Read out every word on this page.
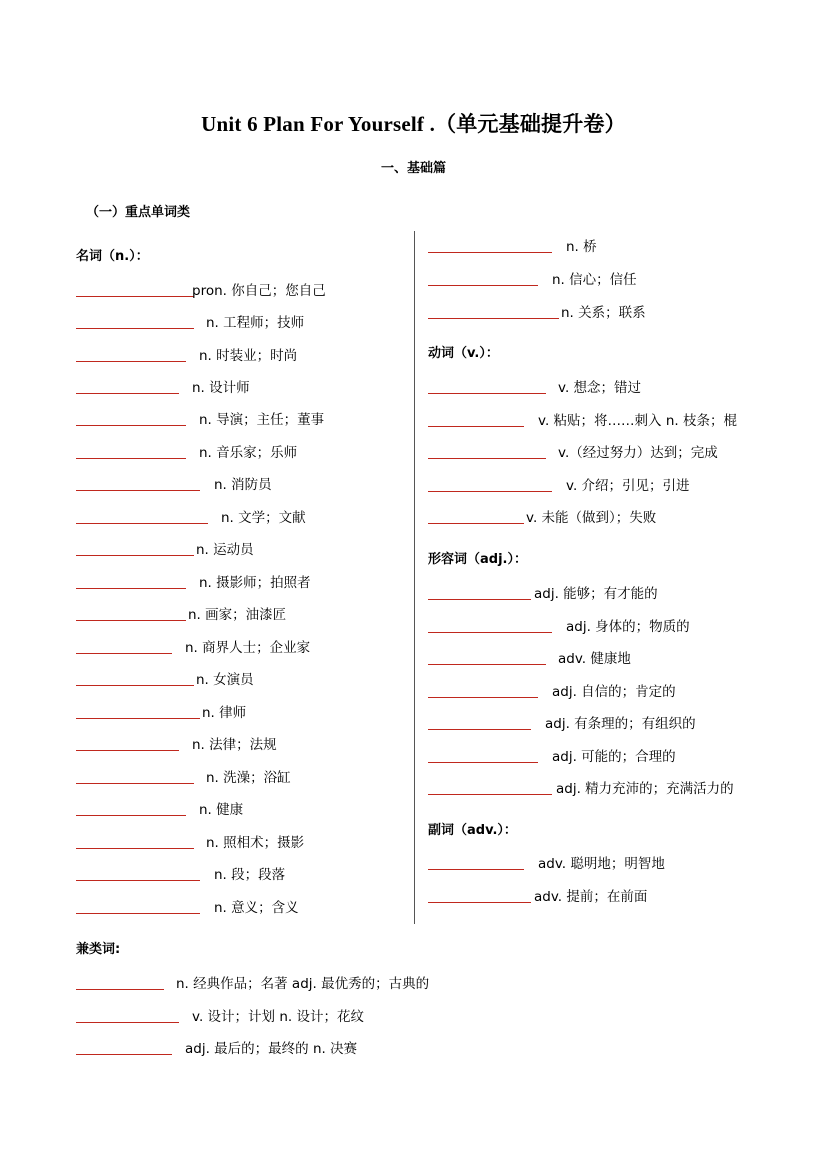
Unit 6 Plan For Yourself .（单元基础提升卷）
一、基础篇
（一）重点单词类
名词（n.）：
pron. 你自己；您自己
n. 工程师；技师
n. 时装业；时尚
n. 设计师
n. 导演；主任；董事
n. 音乐家；乐师
n. 消防员
n. 文学；文献
n. 运动员
n. 摄影师；拍照者
n. 画家；油漆匠
n. 商界人士；企业家
n. 女演员
n. 律师
n. 法律；法规
n. 洗澡；浴缸
n. 健康
n. 照相术；摄影
n. 段；段落
n. 意义；含义
n. 桥
n. 信心；信任
n. 关系；联系
v. 想念；错过
v. 粘贴；将……刺入 n. 枝条；棍
v.（经过努力）达到；完成
v. 介绍；引见；引进
v. 未能（做到）；失败
adj. 能够；有才能的
adj. 身体的；物质的
adv. 健康地
adj. 自信的；肯定的
adj. 有条理的；有组织的
adj. 可能的；合理的
adj. 精力充沛的；充满活力的
adv. 聪明地；明智地
adv. 提前；在前面
动词（v.）：
形容词（adj.）：
副词（adv.）：
兼类词:
n. 经典作品；名著 adj. 最优秀的；古典的
v. 设计；计划 n. 设计；花纹
adj. 最后的；最终的 n. 决赛
